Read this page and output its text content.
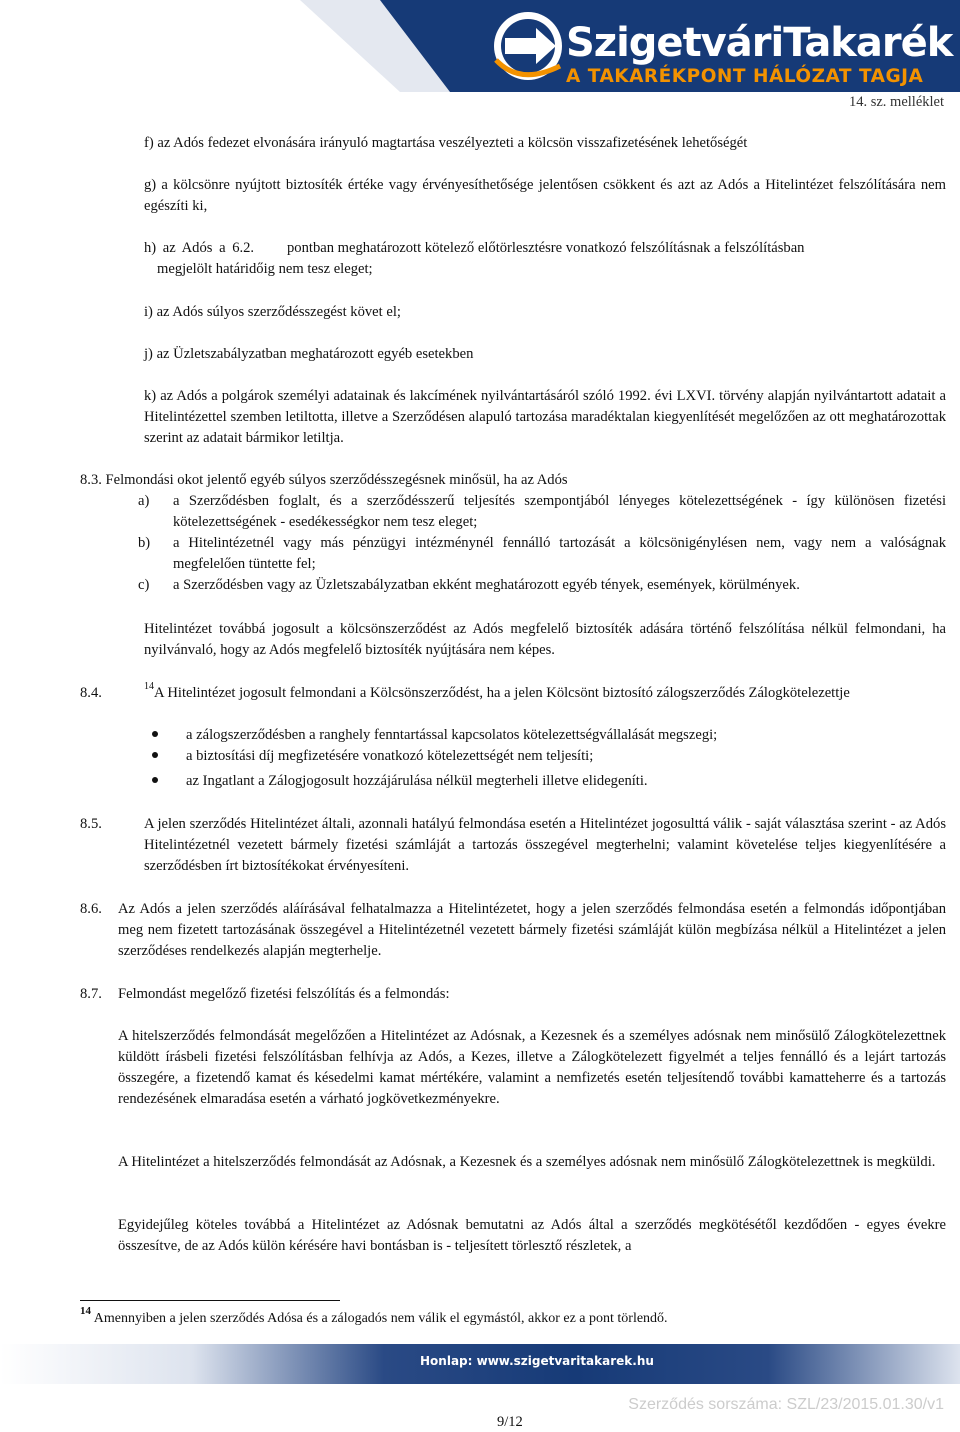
SzigetváriTakarék
A TAKARÉKPONT HÁLÓZAT TAGJA
14. sz. melléklet

f) az Adós fedezet elvonására irányuló magtartása veszélyezteti a kölcsön visszafizetésének lehetőségét

g) a kölcsönre nyújtott biztosíték értéke vagy érvényesíthetősége jelentősen csökkent és azt az Adós a Hitelintézet felszólítására nem egészíti ki,

h) az Adós a 6.2. pontban meghatározott kötelező előtörlesztésre vonatkozó felszólításnak a felszólításban

megjelölt határidőig nem tesz eleget;

i) az Adós súlyos szerződésszegést követ el;

j) az Üzletszabályzatban meghatározott egyéb esetekben

k) az Adós a polgárok személyi adatainak és lakcímének nyilvántartásáról szóló 1992. évi LXVI. törvény alapján nyilvántartott adatait a Hitelintézettel szemben letiltotta, illetve a Szerződésen alapuló tartozása maradéktalan kiegyenlítését megelőzően az ott meghatározottak szerint az adatait bármikor letiltja.

8.3. Felmondási okot jelentő egyéb súlyos szerződésszegésnek minősül, ha az Adós

a) a Szerződésben foglalt, és a szerződésszerű teljesítés szempontjából lényeges kötelezettségének - így különösen fizetési kötelezettségének - esedékességkor nem tesz eleget;

b) a Hitelintézetnél vagy más pénzügyi intézménynél fennálló tartozását a kölcsönigénylésen nem, vagy nem a valóságnak megfelelően tüntette fel;

c) a Szerződésben vagy az Üzletszabályzatban ekként meghatározott egyéb tények, események, körülmények.

Hitelintézet továbbá jogosult a kölcsönszerződést az Adós megfelelő biztosíték adására történő felszólítása nélkül felmondani, ha nyilvánvaló, hogy az Adós megfelelő biztosíték nyújtására nem képes.

8.4.	$^{14}$A Hitelintézet jogosult felmondani a Kölcsönszerződést, ha a jelen Kölcsönt biztosító zálogszerződés Zálogkötelezettje

a zálogszerződésben a ranghely fenntartással kapcsolatos kötelezettségvállalását megszegi;

a biztosítási díj megfizetésére vonatkozó kötelezettségét nem teljesíti;

az Ingatlant a Zálogjogosult hozzájárulása nélkül megterheli illetve elidegeníti.

8.5.	A jelen szerződés Hitelintézet általi, azonnali hatályú felmondása esetén a Hitelintézet jogosulttá válik - saját választása szerint - az Adós Hitelintézetnél vezetett bármely fizetési számláját a tartozás összegével megterhelni; valamint követelése teljes kiegyenlítésére a szerződésben írt biztosítékokat érvényesíteni.

8.6. Az Adós a jelen szerződés aláírásával felhatalmazza a Hitelintézetet, hogy a jelen szerződés felmondása esetén a felmondás időpontjában meg nem fizetett tartozásának összegével a Hitelintézetnél vezetett bármely fizetési számláját külön megbízása nélkül a Hitelintézet a jelen szerződéses rendelkezés alapján megterhelje.

8.7. Felmondást megelőző fizetési felszólítás és a felmondás:

A hitelszerződés felmondását megelőzően a Hitelintézet az Adósnak, a Kezesnek és a személyes adósnak nem minősülő Zálogkötelezettnek küldött írásbeli fizetési felszólításban felhívja az Adós, a Kezes, illetve a Zálogkötelezett figyelmét a teljes fennálló és a lejárt tartozás összegére, a fizetendő kamat és késedelmi kamat mértékére, valamint a nemfizetés esetén teljesítendő további kamatteherre és a tartozás rendezésének elmaradása esetén a várható jogkövetkezményekre.

A Hitelintézet a hitelszerződés felmondását az Adósnak, a Kezesnek és a személyes adósnak nem minősülő Zálogkötelezettnek is megküldi.

Egyidejűleg köteles továbbá a Hitelintézet az Adósnak bemutatni az Adós által a szerződés megkötésétől kezdődően - egyes évekre összesítve, de az Adós külön kérésére havi bontásban is - teljesített törlesztő részletek, a

$^{14}$ Amennyiben a jelen szerződés Adósa és a zálogadós nem válik el egymástól, akkor ez a pont törlendő.

Honlap: www.szigetvaritakarek.hu
Szerződés sorszáma: SZL/23/2015.01.30/v1
9/12
